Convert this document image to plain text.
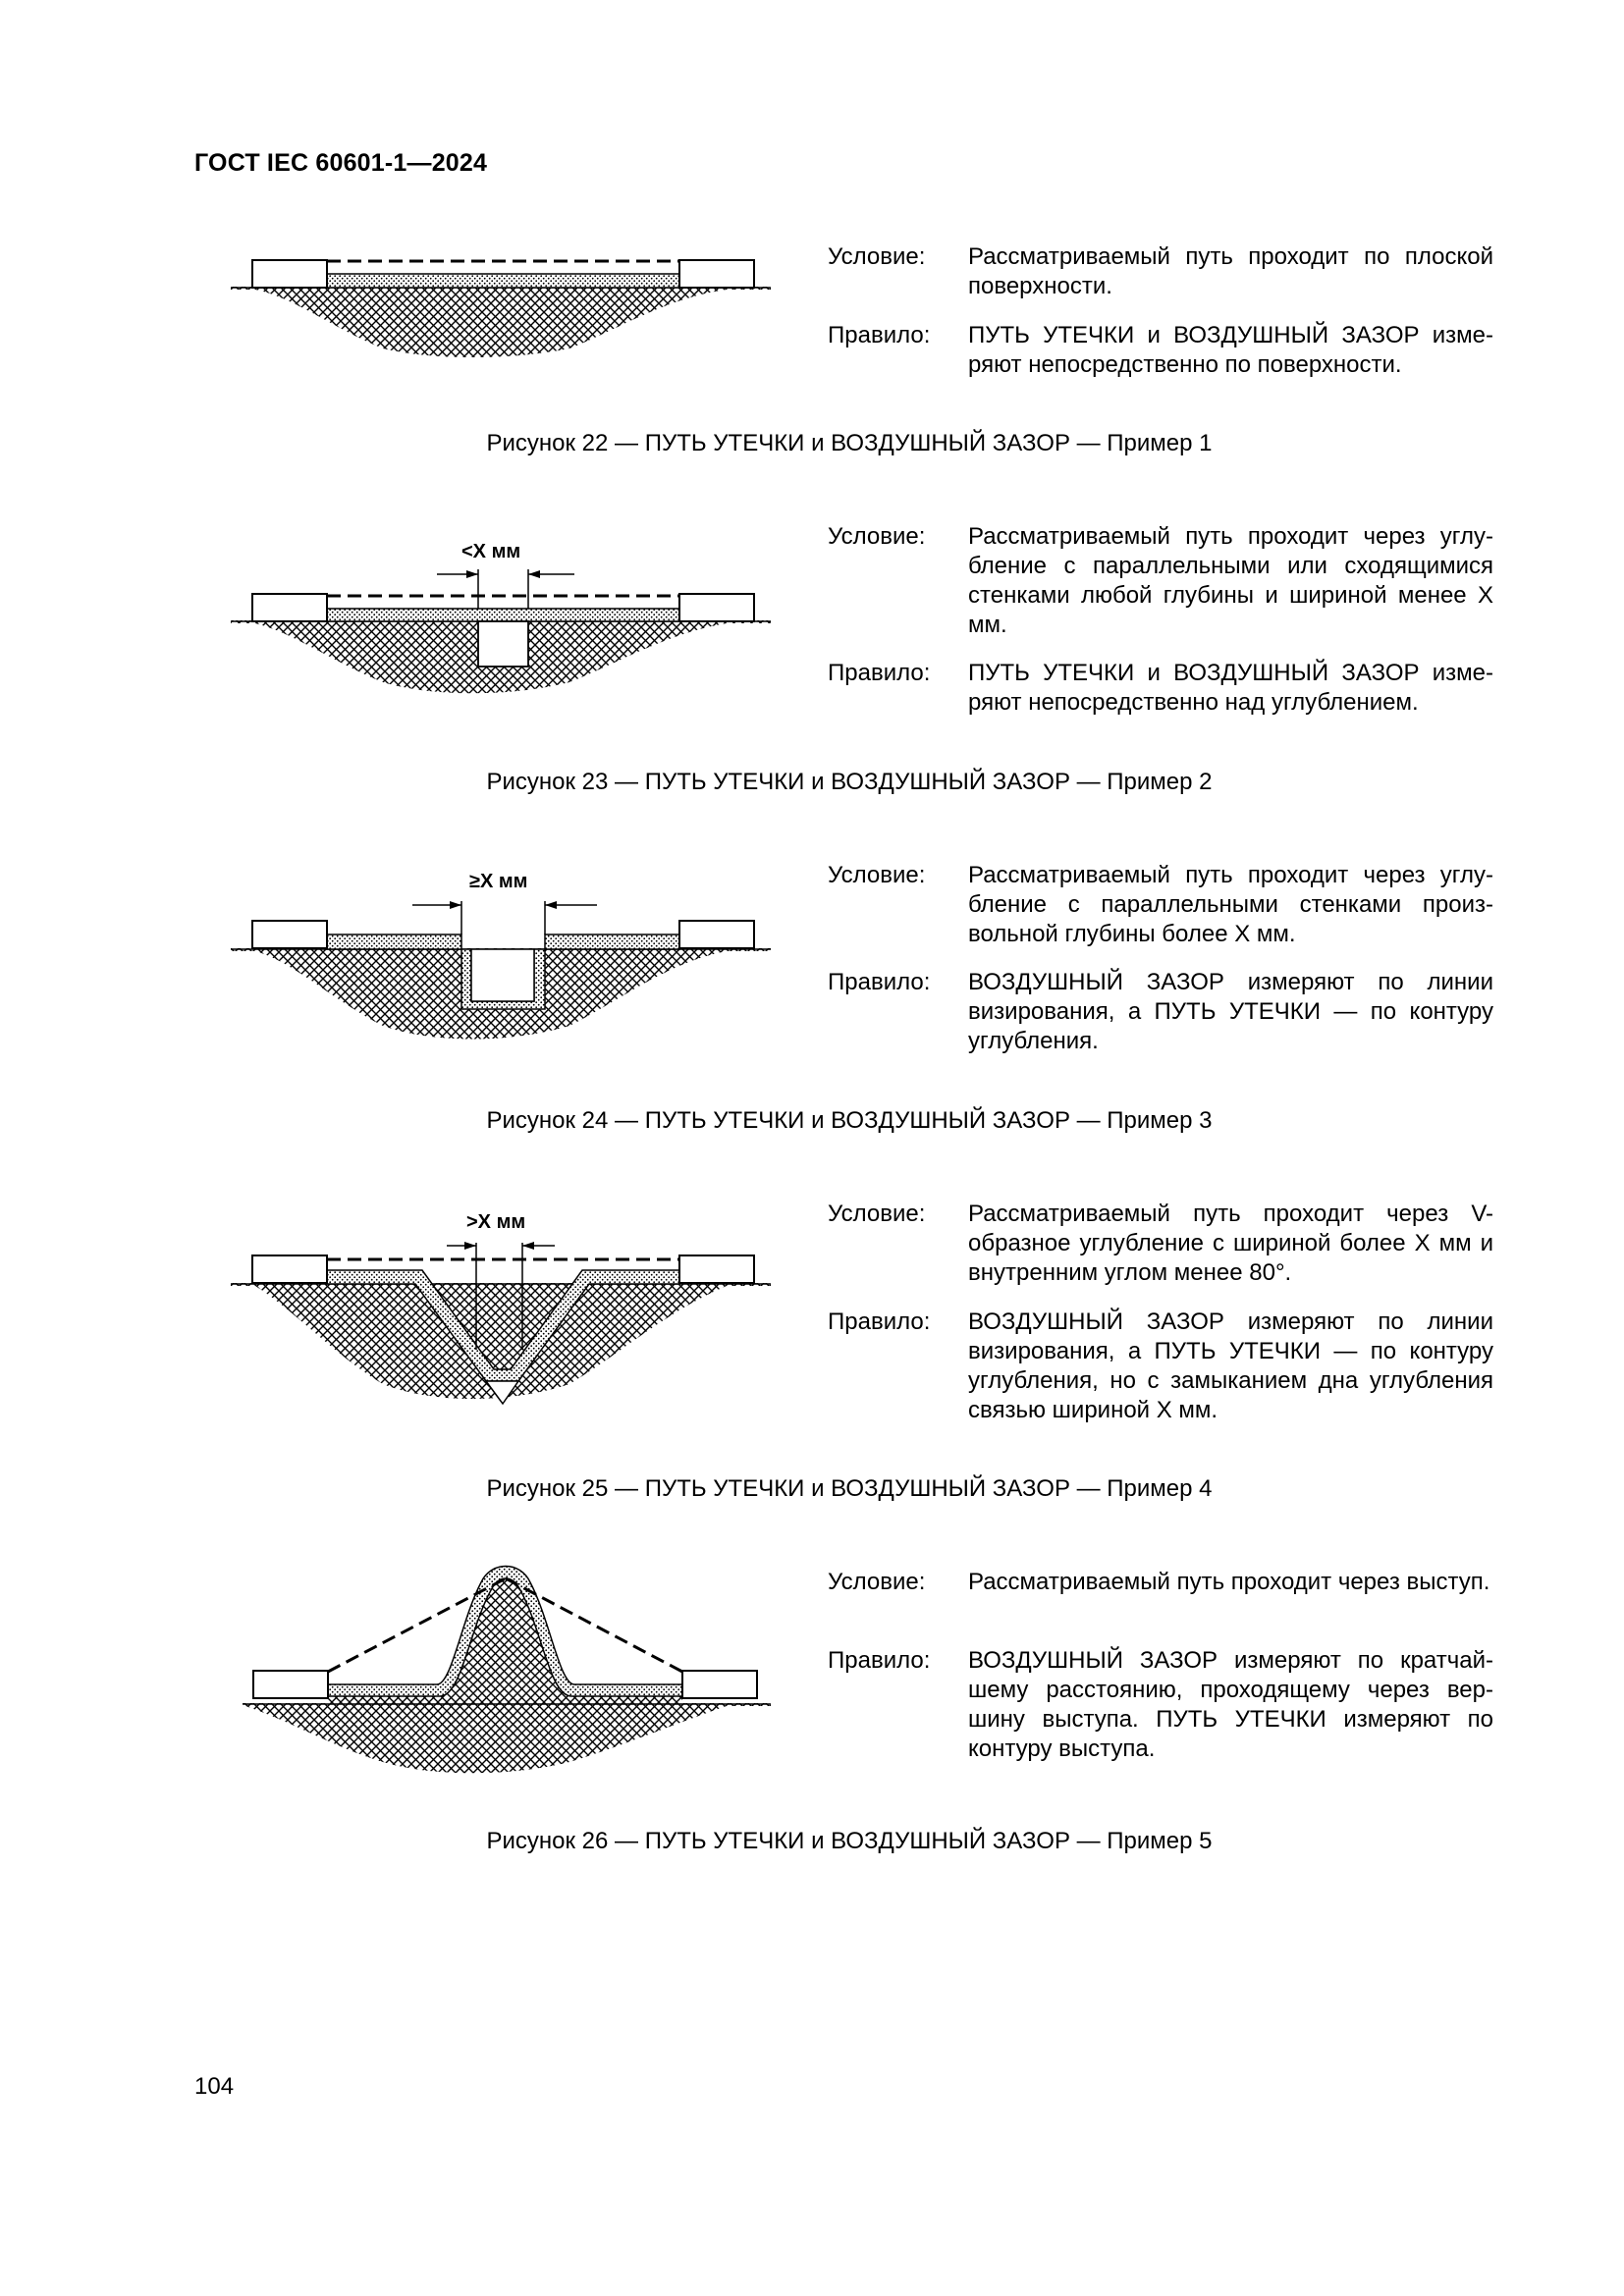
ГОСТ IEC 60601-1—2024
Условие:	Рассматриваемый путь проходит по плоской поверхности.
Правило:	ПУТЬ УТЕЧКИ и ВОЗДУШНЫЙ ЗАЗОР измеряют непосредственно по поверхности.
Рисунок 22 — ПУТЬ УТЕЧКИ и ВОЗДУШНЫЙ ЗАЗОР — Пример 1
<X мм
Условие:	Рассматриваемый путь проходит через углубление с параллельными или сходящимися стенками любой глубины и шириной менее X мм.
Правило:	ПУТЬ УТЕЧКИ и ВОЗДУШНЫЙ ЗАЗОР измеряют непосредственно над углублением.
Рисунок 23 — ПУТЬ УТЕЧКИ и ВОЗДУШНЫЙ ЗАЗОР — Пример 2
≥X мм	Условие:	Рассматриваемый путь проходит через углубление с параллельными стенками произвольной глубины более X мм.
Правило:	ВОЗДУШНЫЙ ЗАЗОР измеряют по линии визирования, а ПУТЬ УТЕЧКИ — по контуру углубления.
Рисунок 24 — ПУТЬ УТЕЧКИ и ВОЗДУШНЫЙ ЗАЗОР — Пример 3
>X мм	Условие:	Рассматриваемый путь проходит через V-образное углубление с шириной более X мм и внутренним углом менее 80°.
Правило:	ВОЗДУШНЫЙ ЗАЗОР измеряют по линии визирования, а ПУТЬ УТЕЧКИ — по контуру углубления, но с замыканием дна углубления связью шириной X мм.
Рисунок 25 — ПУТЬ УТЕЧКИ и ВОЗДУШНЫЙ ЗАЗОР — Пример 4
Условие:	Рассматриваемый путь проходит через выступ.
Правило:	ВОЗДУШНЫЙ ЗАЗОР измеряют по кратчайшему расстоянию, проходящему через вершину выступа. ПУТЬ УТЕЧКИ измеряют по контуру выступа.
Рисунок 26 — ПУТЬ УТЕЧКИ и ВОЗДУШНЫЙ ЗАЗОР — Пример 5
104
